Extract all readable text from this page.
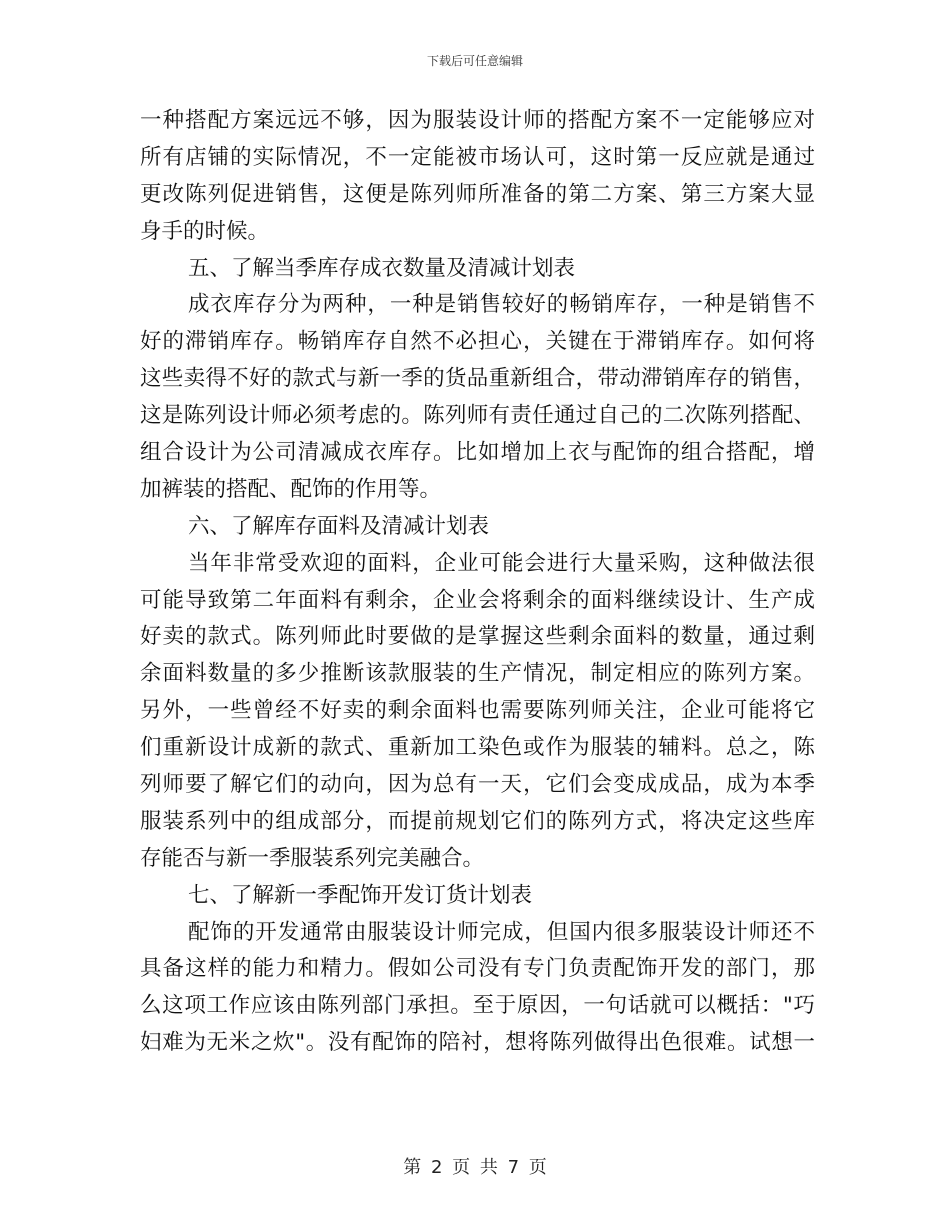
下载后可任意编辑
一种搭配方案远远不够，因为服装设计师的搭配方案不一定能够应对
所有店铺的实际情况，不一定能被市场认可，这时第一反应就是通过
更改陈列促进销售，这便是陈列师所准备的第二方案、第三方案大显
身手的时候。
五、了解当季库存成衣数量及清减计划表
成衣库存分为两种，一种是销售较好的畅销库存，一种是销售不
好的滞销库存。畅销库存自然不必担心，关键在于滞销库存。如何将
这些卖得不好的款式与新一季的货品重新组合，带动滞销库存的销售，
这是陈列设计师必须考虑的。陈列师有责任通过自己的二次陈列搭配、
组合设计为公司清减成衣库存。比如增加上衣与配饰的组合搭配，增
加裤装的搭配、配饰的作用等。
六、了解库存面料及清减计划表
当年非常受欢迎的面料，企业可能会进行大量采购，这种做法很
可能导致第二年面料有剩余，企业会将剩余的面料继续设计、生产成
好卖的款式。陈列师此时要做的是掌握这些剩余面料的数量，通过剩
余面料数量的多少推断该款服装的生产情况，制定相应的陈列方案。
另外，一些曾经不好卖的剩余面料也需要陈列师关注，企业可能将它
们重新设计成新的款式、重新加工染色或作为服装的辅料。总之，陈
列师要了解它们的动向，因为总有一天，它们会变成成品，成为本季
服装系列中的组成部分，而提前规划它们的陈列方式，将决定这些库
存能否与新一季服装系列完美融合。
七、了解新一季配饰开发订货计划表
配饰的开发通常由服装设计师完成，但国内很多服装设计师还不
具备这样的能力和精力。假如公司没有专门负责配饰开发的部门，那
么这项工作应该由陈列部门承担。至于原因，一句话就可以概括："巧
妇难为无米之炊"。没有配饰的陪衬，想将陈列做得出色很难。试想一
第 2 页 共 7 页
